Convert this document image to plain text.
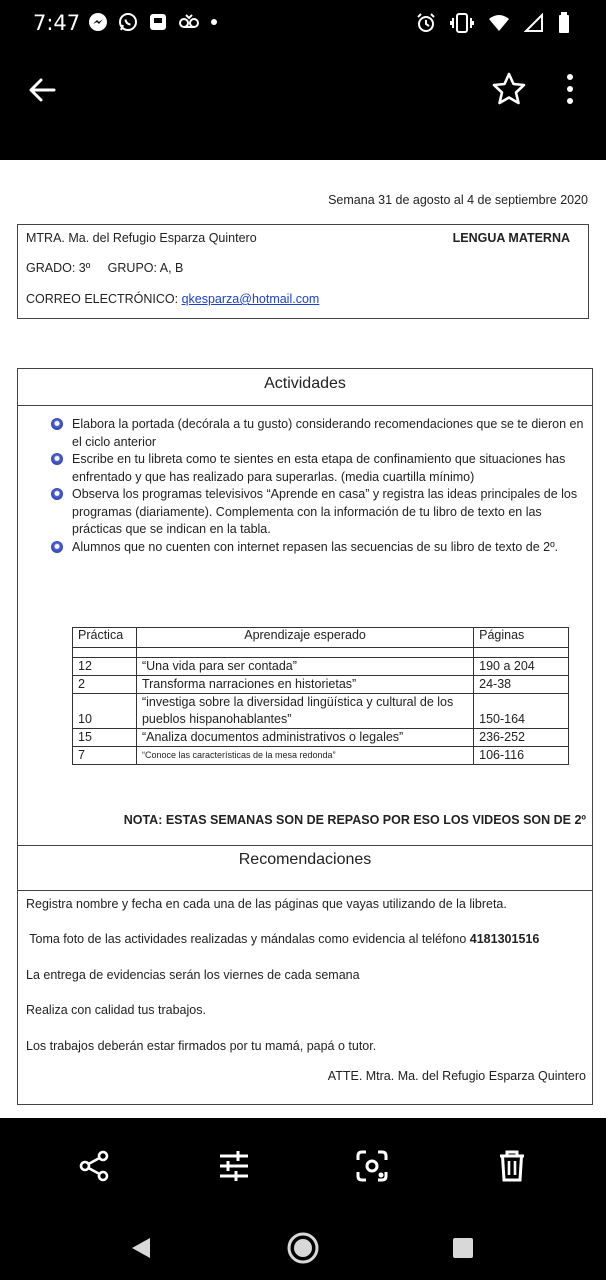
7:47
Semana 31 de agosto al 4 de septiembre 2020
MTRA. Ma. del Refugio Esparza Quintero	LENGUA MATERNA
GRADO: 3º     GRUPO: A, B
CORREO ELECTRÓNICO: qkesparza@hotmail.com
Actividades
Elabora la portada (decórala a tu gusto) considerando recomendaciones que se te dieron en el ciclo anterior
Escribe en tu libreta como te sientes en esta etapa de confinamiento que situaciones has enfrentado y que has realizado para superarlas. (media cuartilla mínimo)
Observa los programas televisivos “Aprende en casa” y registra las ideas principales de los programas (diariamente). Complementa con la información de tu libro de texto en las prácticas que se indican en la tabla.
Alumnos que no cuenten con internet repasen las secuencias de su libro de texto de 2º.
Práctica	Aprendizaje esperado	Páginas

12	“Una vida para ser contada”	190 a 204
2	Transforma narraciones en historietas”	24-38
10	“investiga sobre la diversidad lingüística y cultural de los pueblos hispanohablantes”	150-164
15	“Analiza documentos administrativos o legales”	236-252
7	“Conoce las características de la mesa redonda”	106-116
NOTA: ESTAS SEMANAS SON DE REPASO POR ESO LOS VIDEOS SON DE 2º
Recomendaciones
Registra nombre y fecha en cada una de las páginas que vayas utilizando de la libreta.
Toma foto de las actividades realizadas y mándalas como evidencia al teléfono 4181301516
La entrega de evidencias serán los viernes de cada semana
Realiza con calidad tus trabajos.
Los trabajos deberán estar firmados por tu mamá, papá o tutor.
ATTE. Mtra. Ma. del Refugio Esparza Quintero
